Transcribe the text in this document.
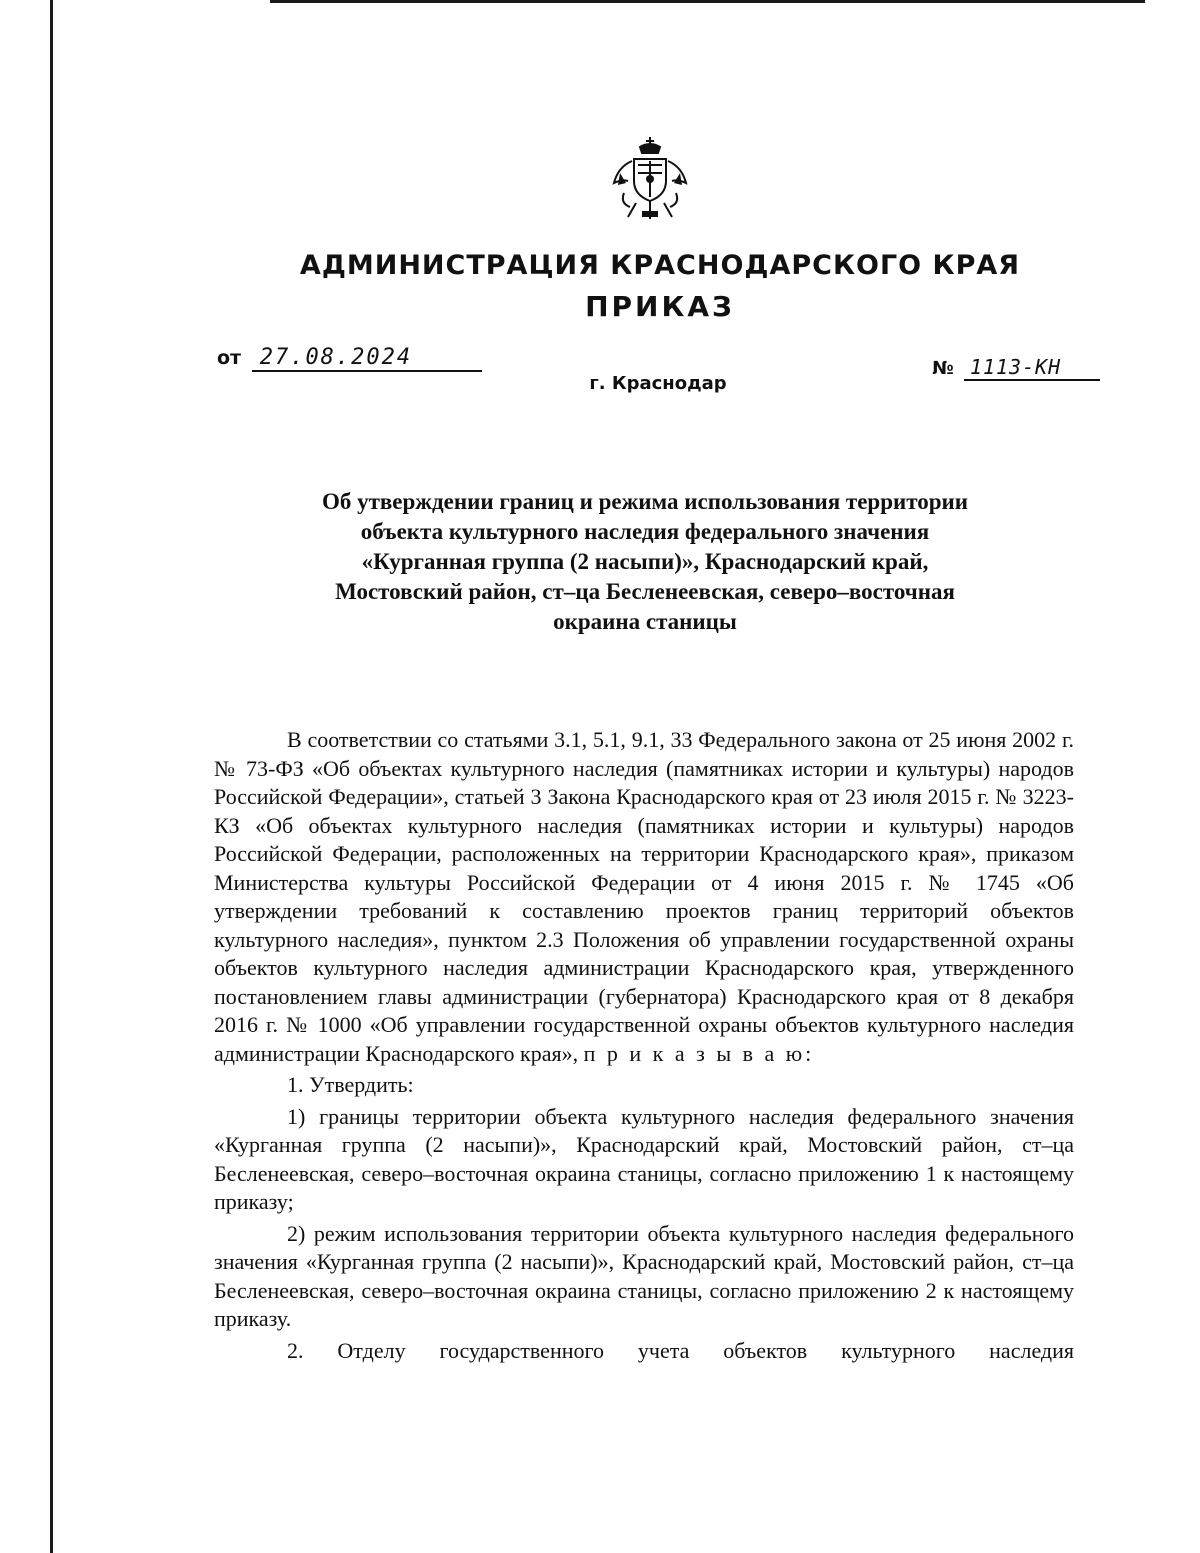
АДМИНИСТРАЦИЯ КРАСНОДАРСКОГО КРАЯ
ПРИКАЗ
от 27.08.2024
г. Краснодар
№ 1113-КН
Об утверждении границ и режима использования территории
объекта культурного наследия федерального значения
«Курганная группа (2 насыпи)», Краснодарский край,
Мостовский район, ст–ца Бесленеевская, северо–восточная
окраина станицы

В соответствии со статьями 3.1, 5.1, 9.1, 33 Федерального закона от 25 июня 2002 г. № 73-ФЗ «Об объектах культурного наследия (памятниках истории и культуры) народов Российской Федерации», статьей 3 Закона Краснодарского края от 23 июля 2015 г. № 3223-КЗ «Об объектах культурного наследия (памятниках истории и культуры) народов Российской Федерации, расположенных на территории Краснодарского края», приказом Министерства культуры Российской Федерации от 4 июня 2015 г. № 1745 «Об утверждении требований к составлению проектов границ территорий объектов культурного наследия», пунктом 2.3 Положения об управлении государственной охраны объектов культурного наследия администрации Краснодарского края, утвержденного постановлением главы администрации (губернатора) Краснодарского края от 8 декабря 2016 г. № 1000 «Об управлении государственной охраны объектов культурного наследия администрации Краснодарского края», п р и к а з ы в а ю:

1. Утвердить:

1) границы территории объекта культурного наследия федерального значения «Курганная группа (2 насыпи)», Краснодарский край, Мостовский район, ст–ца Бесленеевская, северо–восточная окраина станицы, согласно приложению 1 к настоящему приказу;

2) режим использования территории объекта культурного наследия федерального значения «Курганная группа (2 насыпи)», Краснодарский край, Мостовский район, ст–ца Бесленеевская, северо–восточная окраина станицы, согласно приложению 2 к настоящему приказу.

2. Отделу государственного учета объектов культурного наследия
